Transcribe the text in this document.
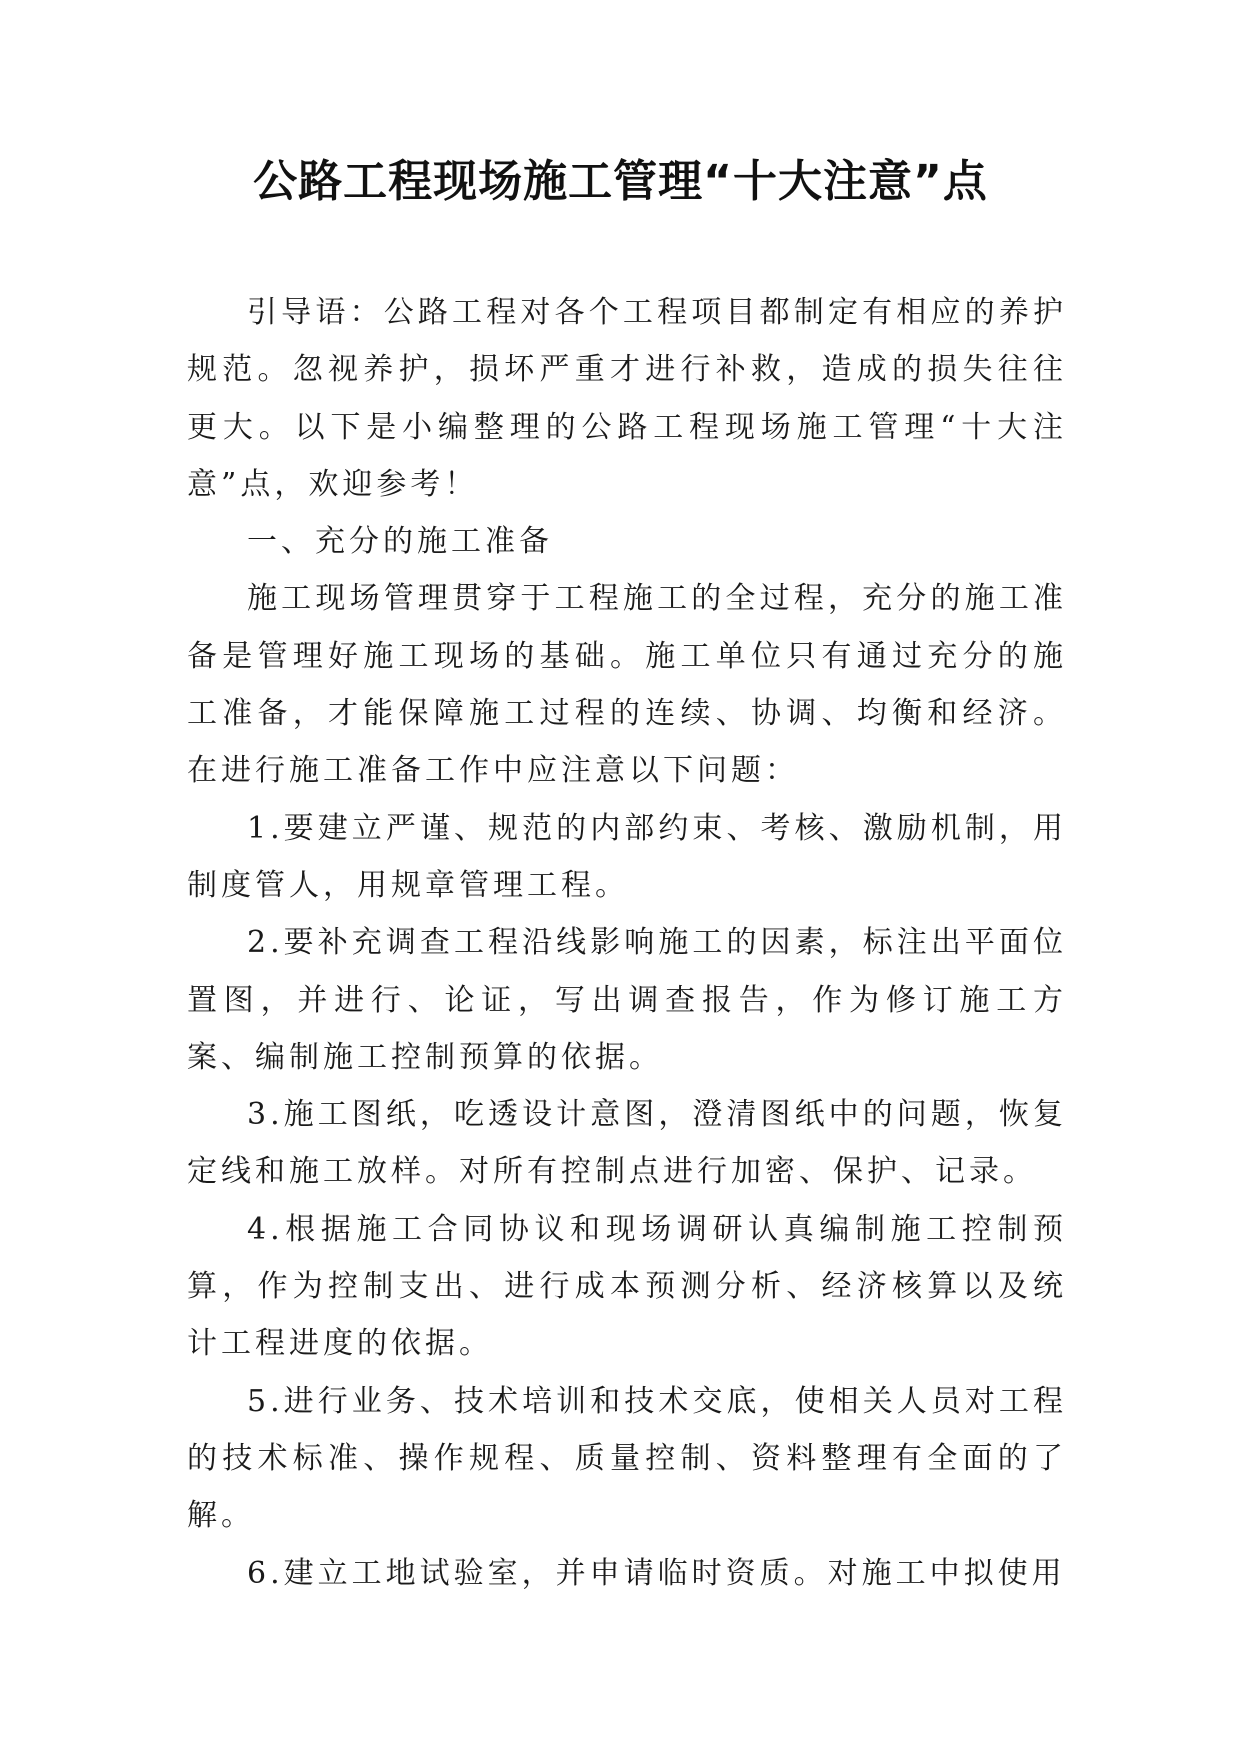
公路工程现场施工管理“十大注意”点

引导语：公路工程对各个工程项目都制定有相应的养护规范。忽视养护，损坏严重才进行补救，造成的损失往往更大。以下是小编整理的公路工程现场施工管理“十大注意”点，欢迎参考！

一、充分的施工准备

施工现场管理贯穿于工程施工的全过程，充分的施工准备是管理好施工现场的基础。施工单位只有通过充分的施工准备，才能保障施工过程的连续、协调、均衡和经济。在进行施工准备工作中应注意以下问题：

1.要建立严谨、规范的内部约束、考核、激励机制，用制度管人，用规章管理工程。

2.要补充调查工程沿线影响施工的因素，标注出平面位置图，并进行、论证，写出调查报告，作为修订施工方案、编制施工控制预算的依据。

3.施工图纸，吃透设计意图，澄清图纸中的问题，恢复定线和施工放样。对所有控制点进行加密、保护、记录。

4.根据施工合同协议和现场调研认真编制施工控制预算，作为控制支出、进行成本预测分析、经济核算以及统计工程进度的依据。

5.进行业务、技术培训和技术交底，使相关人员对工程的技术标准、操作规程、质量控制、资料整理有全面的了解。

6.建立工地试验室，并申请临时资质。对施工中拟使用
